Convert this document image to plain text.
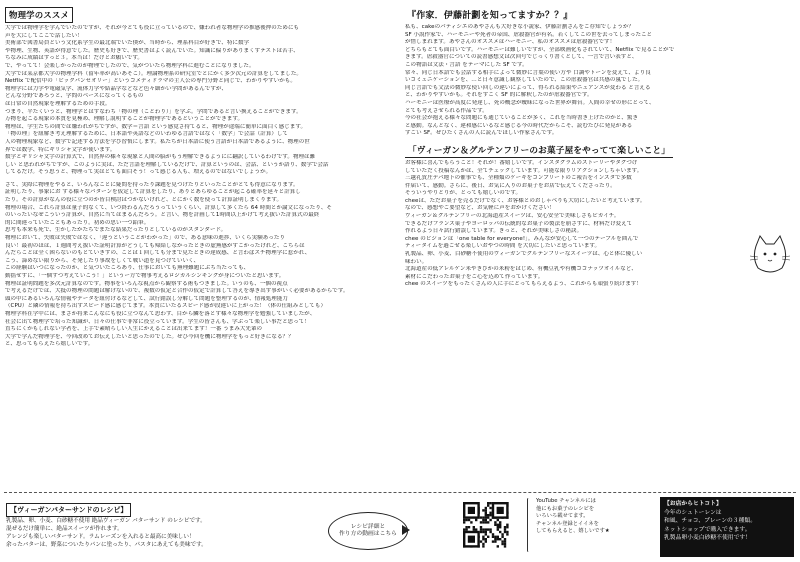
物理学のススメ

大学では物理学を学んでいたのですが、それが今とても役に立っているので、嫌われ者な物理学の推感後押のためにも

声を大にしてここで話したい！

美術部で図書局員という文化系学生の最北端でいた僕が、当時から、理系科目が好きで、特に数学

や物理、生物、英語が得意でした。歴史も好きで、歴史書はよく読んでいた。知識に偏りがありまくすテストは苦手、

ちなみに成績はずっと３。本当は！だけとお願いです。

で、やってて！会楽しかったのが物理でしたので、気がついたら物理学科に進むことになりました。

大学では某京都大学の物理学科（留年率が高いあそこ）。理論物理系の研究室でとにかく多少次元の計算をしてました。

Netflix で配信中の「ビックバンセオリー」というコメディドラマの主人公の専門分野と同じで、わかりやすいかも。

物理学には力学や電磁気学、流体力学や結晶学などなど色々細かい学問があるんですが、

どんな分野であろうと、学問のベースになってくるもの

は日常の自然現象を理解するための手段。

つまり、平たくいうと、物理学とはすなわち「物の理（ことわり）」を学ぶ。学問であると言い換えることができます。

万物を起こる現象の本質を見極め、理解し説明することが物理学であるということができます。

物理は、学生たちの間では嫌われがちですが、数学＝言語 という感覚さ持てると、物理が途端に簡単に面白く感じます。

「物の理」を紐解き考え理解するために、日本語や英語などのいわゆる言語ではなく「数学」で会話（計算）して

人の物理現象など、数学で記述する方法を学び習慣にします。私たちが日本語に使う言語が日本語であるように、物理の世

界では数学、特にギリシャ文字が使います。

数学とギリシャ文字の計算式で、自然界の様々な現象と人間の脳がもう理解できるようにに翻訳しているわけです。物理は難

しい と思われがちですが、このように実は、ただ言語を理解しているだけで、計算というのは、会話、というか語り、数学で会話

してるだけ。そう思うと、物理って実はとても面白そう！って感じる人も、増えるのではないでしょうか。

さて、実際に物理をやると、いろんなことに疑問を持ったり課題を見つけたりといったことがとても得意になります。

証明したり、事象にお する様々なパターンを仮定して計算をしたり、ありとあらゆることが起こる確率を延々と計算し

たり。その計算がなんの役に立つのか皆目検討はつかないけれど、とにかく数を使って計算証明しまくります。

物理の場合、これら計算は量子的なくて、いつ終わるんだろうっていうくらい、計算して多くたら 64 時間とか論文になったり、そ

のいったいなぜこういう計算が、自然に当てはまるんだろう。と言い、物を計画して1時間以上かけて考え抜いた計算式の最終

的に間違っていたこともあったり。初めの思い一つ鉛筆。

思考も本来も死で、生かしたかたちでまたな結果だったりとしているのがスタンダード。

物理において、失敗は失敗ではなく、「違うということがわかった」ので、ある意味の進捗、いくら実験あったり

良い！最初のほは、１週間考え抜いた証明計算がどうしても帰結しなかったときの虚無感がすごかったけれど、こちらは

んだらことは全く困らないのもとていきずの、ことは１回しても分まで見たときの達成感、と言わばスチ物理学に惹かれ、

こう、諦めない限りから、そ発したり事故をしくて戦い道を見つけていいく、

この経験はいつになったのか、と気づいたころあり、仕事においても無理難題にぶち当たっても、

動揺せずに、「一個ずつ考えていこう！」というー方で物事考えるロジカルシンキングが身についたと思います。

物理は証明問題を多次元計算なのです。物事をいろんな視点から観察する術もつきました。いうのも、一個の視点

で考えるだけでは、大抵の物理の問題は解けないので、複数の仮定と合作の仮定で計算して答えを導き出す事がいく必要があるからです。

頭の中にあるいろんな情報やデータを紐付けるなどして、試行錯誤し分解して問題を整理するのが、情報処理能力

（CPU）と隣の情報を持ち出すスピード感に感じてます。本質にいたるスピード感が段違いに上がった！（体の仕組みとしても）

物理学科在学中には、まさか将来こんなにも役に立つなんて思わず、目から鱗を落とす様々な物理学を勉強していましたが、

社会に出て物理学で培った知識が、日々の仕事で非常に役立っています。学生の皆さんも、学ぶって楽しい事だと思って！

直ちにくかもしれない学者を、上手で素晴らしい人生にかえることは出来てます！一番 うまみ大先輩の

大学で学んだ物理学を、今回改めてお伝えしたいと思ったのでした。ぜひ今回を機に物理学をもっと好きになる？？

と、思ってもらえたら嬉しいです。

『作家．伊藤計劃を知ってますか？？』

私も、cakeのパティシエのあやさんも大好きな小説家、伊藤計劃さんをご存知でしょうか？

SF 小説作家で、ハーモニーや死者の帝国、虐殺器官が有名。若くしてこの世を去ってしまったこと

が惜しまれます。あやさんのオススメはハーモニー、私のオススメは虐殺器官です！

どちらもとても面白いです。ハーモニーは難しいですが、全部映画化もされていて、Netflix で見ることがで

きます。虐殺器官についての読書感想文は次回号でじっくり書くとして、一言で言い表すと、

この物語は文法・言語 をテーマにした SF です。

常々、同じ日本語でも会話する相手によって微妙に言葉の使い方や 口調やトーンを変えて、より良

いコミュニケーションを、…と日々意識し観察していたので、この虐殺器官は共感の嵐でした。

同じ言語でも文法の微妙な使い回しの違いによって、得られる結果やニュアンスが変わる と言える

と、わかりやすいかも。それをすごく SF 的に解釈したのが虐殺器官です。

ハーモニーは医療が高度に発達し、死の概念が曖昧になった世界が舞台。人間の幸せの形にとって、

とても考えさせられる作品です。

今の社会が抱える様々な問題にも通じていることが多く、これを当時書き上げたのかと、驚き

と感動。なんとなく、違和感にいるなと感じる今の時代だからこそ、読むたびに発見がある

すごい SF。ぜひたくさんの人に読んでほしい作家さんです。

「ヴィーガン＆グルテンフリーのお菓子屋をやってて楽しいこと」

お客様に喜んでもらうこと！それが！番嬉しいです。インスタグラムのストーリーやタグづけ

していただく投稿なんかは、全てチェックしています。可能な限りリアクションしちゃいます。

三越礼賀庄デパ地下の催事でも、全種類のケーキをコンプリートのご報告をインスタで多数

件届いて、感動。さらに、後日、お気に入りのお菓子をお店で伝えてくださったり。

そういうやりとりが、とっても嬉しいのです。

cheeは、ただお菓子を売るだけでなく、お客様とのおしゃべりも大切にしたいと考えています。

なので、感想やご要望など、お気軽に声をおかけください！

ヴィーガン＆グルテンフリーの北海道産スイーツは、安心安全で美味しさもピカイチ。

できるだけフランス菓子やヨーロッパの伝統的なお菓子の製法を崩さずに、材料だけ変えて

作れるよう日々試行錯誤しています。きっと、それが美味しさの秘訣。

chee のビジョンは「one table for everyone!」。みんなが安心して一つのテーブルを囲んで

ティータイムを過ごせる楽しいおやつの時間 を大切にしたいと思っています。

乳製品、卵、小麦、白砂糖不使用のヴィーガンでグルテンフリーなスイーツは、心と体に優しい

味わい。

北海道産の低アレルゲン米やきびかの米粉をはじめ、有機豆乳や有機ココナッツオイルなど、

素材にこだわったお菓子をご心を込めて作っています。

chee のスイーツをもったくさんの人に手にとってもらえるよう、これからも頑張り続けます！

【ヴィーガンバターサンドのレシピ】

乳製品、卵、小麦、白砂糖不使用 絶品ヴィーガン バターサンド のレシピです。

混ぜるだけ簡単に、絶品スイーツが作れます。

アレンジも楽しいバターサンド。ラムレーズンを入れると最高に美味しい！

余ったバターは、野菜についたりパンに塗ったり、パスタにあえても美味です。

レシピ詳細と
作り方の動画はこちら

YouTube チャンネルには

他にもお菓子のレシピを

いろいろ載せてます。

チャンネル登録とイイネを

してもらえると、嬉しいです★

【お店からヒトコト】

今年のシュトーレンは

和風、チョコ、プレーンの３種類。

ネットショップで購入できます。

乳製品卵小麦白砂糖不使用です！
